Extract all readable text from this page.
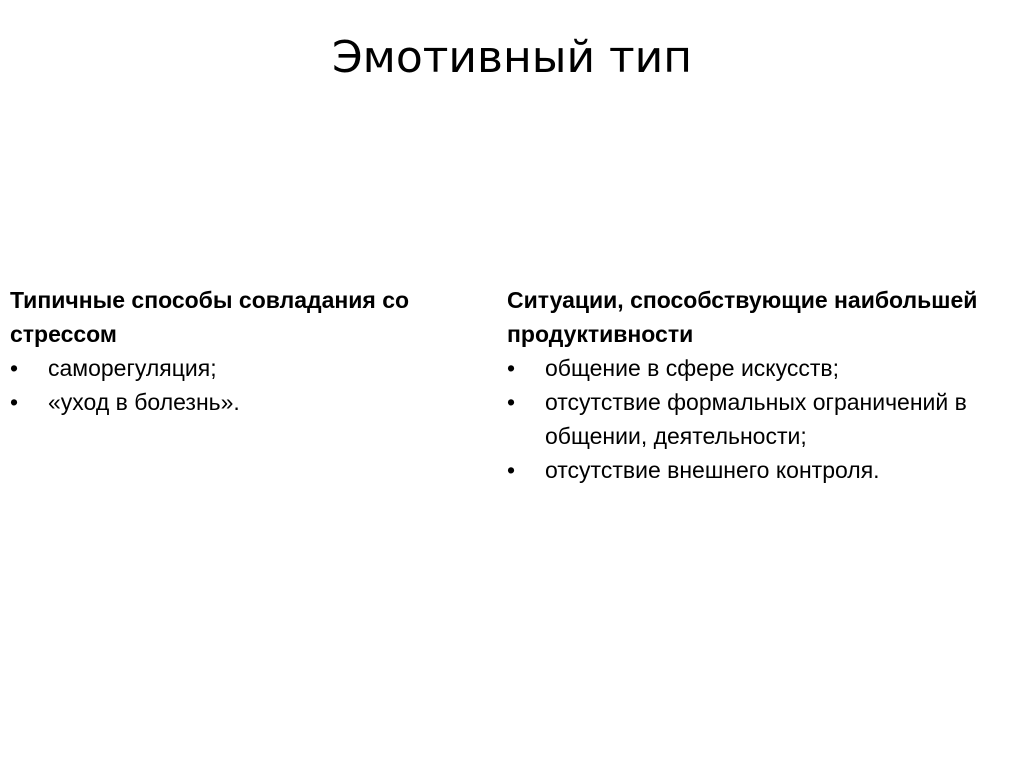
Эмотивный тип

Типичные способы совладания со стрессом

• саморегуляция;
• «уход в болезнь».

Ситуации, способствующие наибольшей продуктивности

• общение в сфере искусств;
• отсутствие формальных ограничений в общении, деятельности;
• отсутствие внешнего контроля.
